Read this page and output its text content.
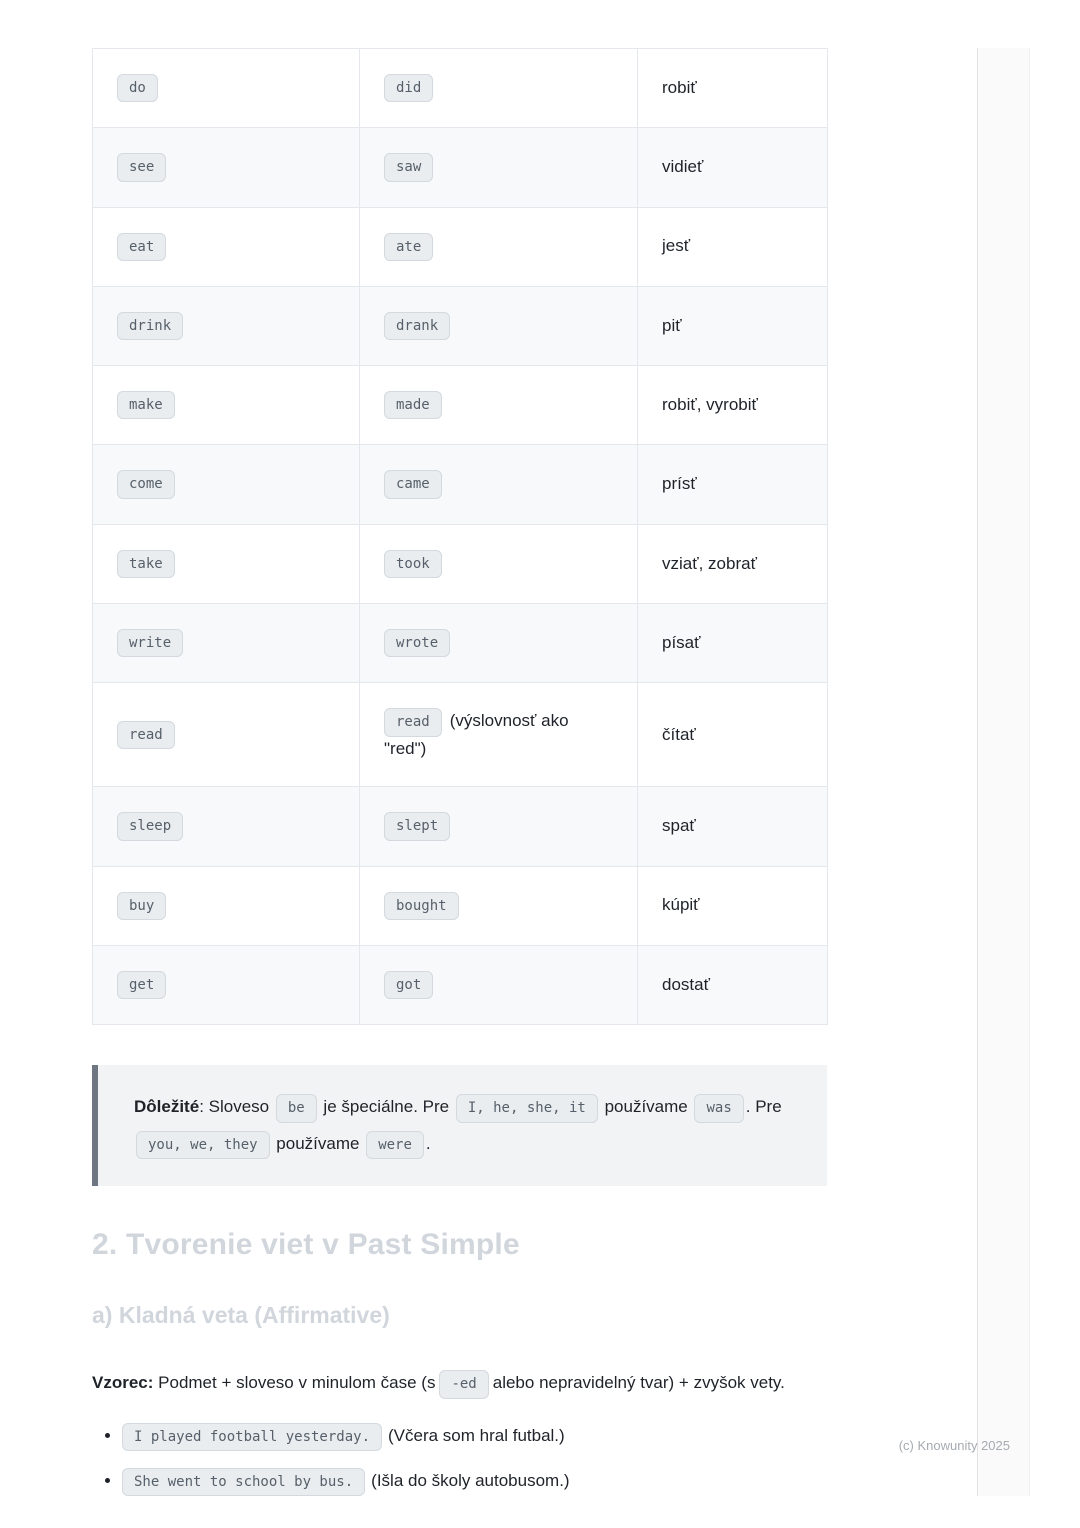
do	did	robiť
see	saw	vidieť
eat	ate	jesť
drink	drank	piť
make	made	robiť, vyrobiť
come	came	prísť
take	took	vziať, zobrať
write	wrote	písať
read	read (výslovnosť ako "red")	čítať
sleep	slept	spať
buy	bought	kúpiť
get	got	dostať
Dôležité: Sloveso be je špeciálne. Pre I, he, she, it používame was . Pre you, we, they používame were .
2. Tvorenie viet v Past Simple
a) Kladná veta (Affirmative)

Vzorec: Podmet + sloveso v minulom čase (s -ed alebo nepravidelný tvar) + zvyšok vety.

• I played football yesterday. (Včera som hral futbal.)
• She went to school by bus. (Išla do školy autobusom.)
(c) Knowunity 2025
